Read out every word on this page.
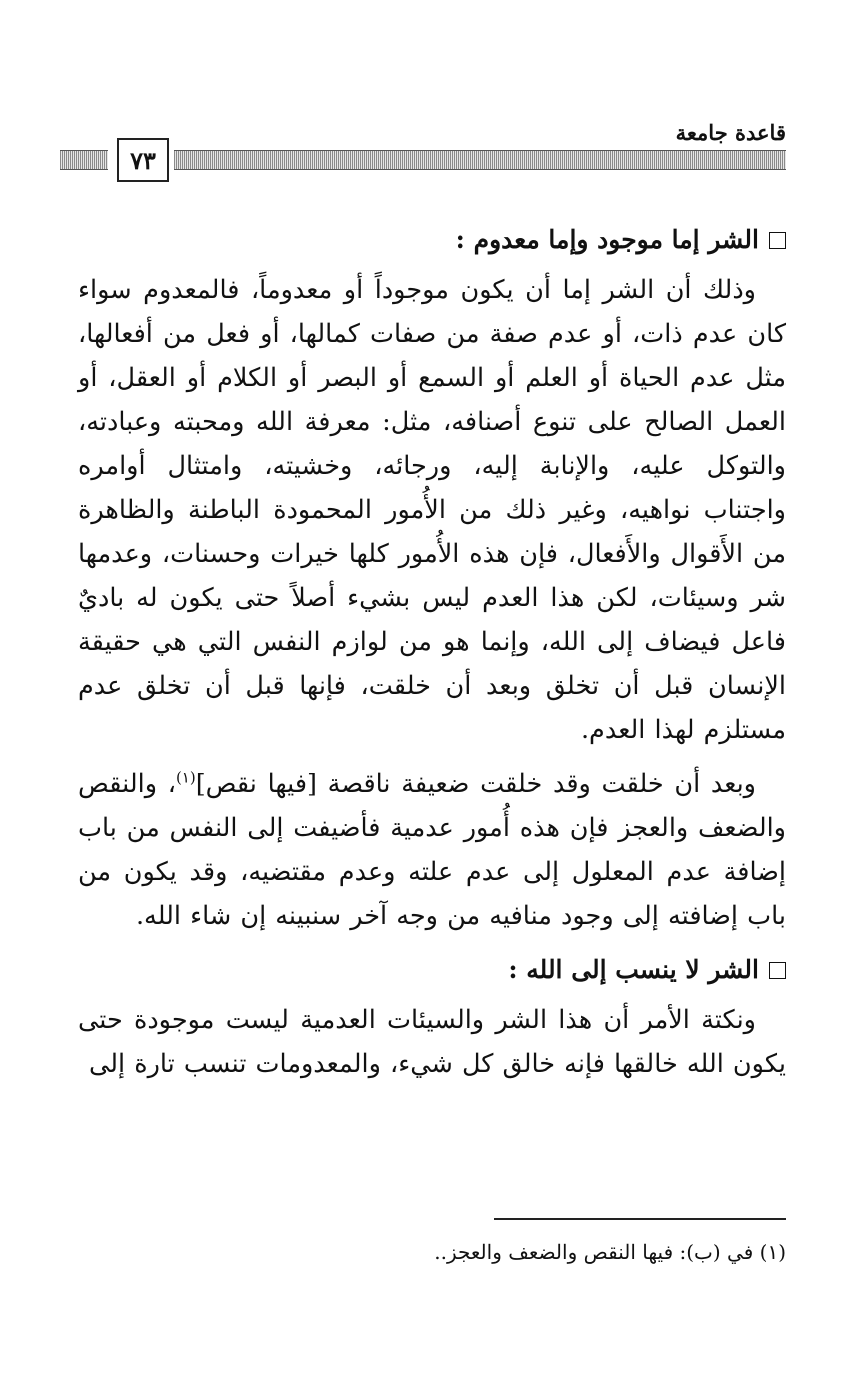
قاعدة جامعة
٧٣
الشر إما موجود وإما معدوم :

وذلك أن الشر إما أن يكون موجوداً أو معدوماً، فالمعدوم سواء كان عدم ذات، أو عدم صفة من صفات كمالها، أو فعل من أفعالها، مثل عدم الحياة أو العلم أو السمع أو البصر أو الكلام أو العقل، أو العمل الصالح على تنوع أصنافه، مثل: معرفة الله ومحبته وعبادته، والتوكل عليه، والإنابة إليه، ورجائه، وخشيته، وامتثال أوامره واجتناب نواهيه، وغير ذلك من الأُمور المحمودة الباطنة والظاهرة من الأَقوال والأَفعال، فإن هذه الأُمور كلها خيرات وحسنات، وعدمها شر وسيئات، لكن هذا العدم ليس بشيء أصلاً حتى يكون له باديٌ فاعل فيضاف إلى الله، وإنما هو من لوازم النفس التي هي حقيقة الإنسان قبل أن تخلق وبعد أن خلقت، فإنها قبل أن تخلق عدم مستلزم لهذا العدم.

وبعد أن خلقت وقد خلقت ضعيفة ناقصة [فيها نقص]$^{(١)}$، والنقص والضعف والعجز فإن هذه أُمور عدمية فأضيفت إلى النفس من باب إضافة عدم المعلول إلى عدم علته وعدم مقتضيه، وقد يكون من باب إضافته إلى وجود منافيه من وجه آخر سنبينه إن شاء الله.

الشر لا ينسب إلى الله :

ونكتة الأمر أن هذا الشر والسيئات العدمية ليست موجودة حتى يكون الله خالقها فإنه خالق كل شيء، والمعدومات تنسب تارة إلى

(١) في (ب): فيها النقص والضعف والعجز..
